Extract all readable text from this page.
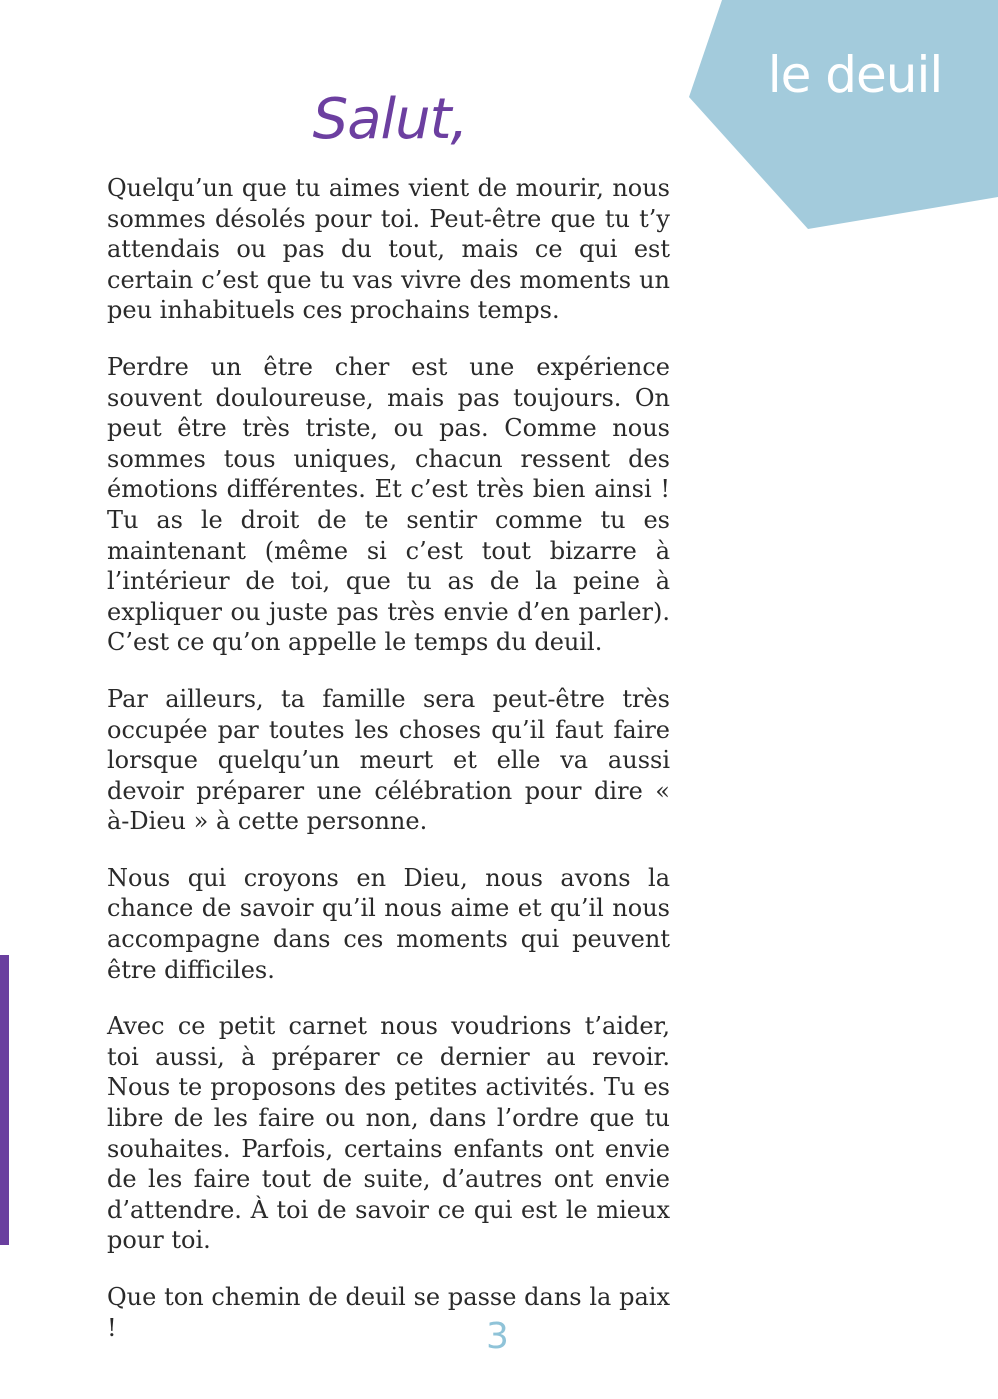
le deuil
Salut,

Quelqu’un que tu aimes vient de mourir, nous sommes désolés pour toi. Peut-être que tu t’y attendais ou pas du tout, mais ce qui est certain c’est que tu vas vivre des moments un peu inhabituels ces prochains temps.

Perdre un être cher est une expérience souvent douloureuse, mais pas toujours. On peut être très triste, ou pas. Comme nous sommes tous uniques, chacun ressent des émotions différentes. Et c’est très bien ainsi ! Tu as le droit de te sentir comme tu es maintenant (même si c’est tout bizarre à l’intérieur de toi, que tu as de la peine à expliquer ou juste pas très envie d’en parler). C’est ce qu’on appelle le temps du deuil.

Par ailleurs, ta famille sera peut-être très occupée par toutes les choses qu’il faut faire lorsque quelqu’un meurt et elle va aussi devoir préparer une célébration pour dire « à-Dieu » à cette personne.

Nous qui croyons en Dieu, nous avons la chance de savoir qu’il nous aime et qu’il nous accompagne dans ces moments qui peuvent être difficiles.

Avec ce petit carnet nous voudrions t’aider, toi aussi, à préparer ce dernier au revoir. Nous te proposons des petites activités. Tu es libre de les faire ou non, dans l’ordre que tu souhaites. Parfois, certains enfants ont envie de les faire tout de suite, d’autres ont envie d’attendre. À toi de savoir ce qui est le mieux pour toi.

Que ton chemin de deuil se passe dans la paix !	3
